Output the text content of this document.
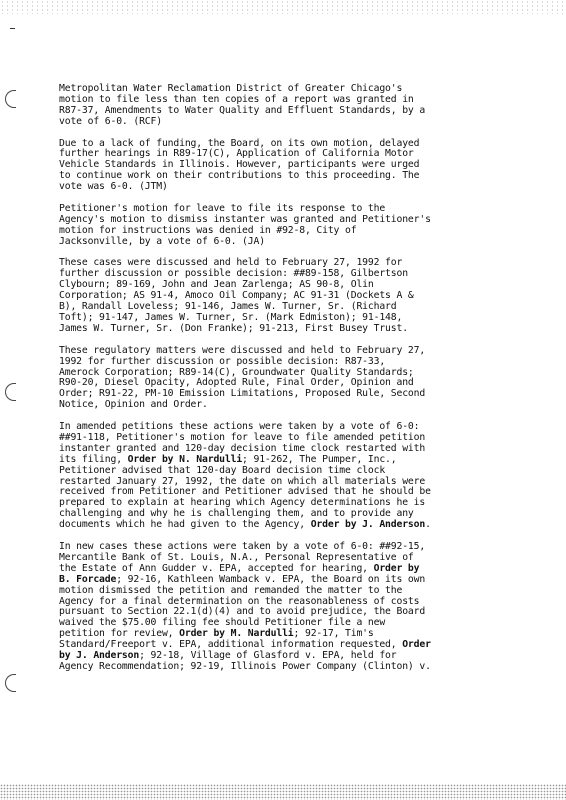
Metropolitan Water Reclamation District of Greater Chicago's
motion to file less than ten copies of a report was granted in
R87-37, Amendments to Water Quality and Effluent Standards, by a
vote of 6-0. (RCF)

Due to a lack of funding, the Board, on its own motion, delayed
further hearings in R89-17(C), Application of California Motor
Vehicle Standards in Illinois. However, participants were urged
to continue work on their contributions to this proceeding. The
vote was 6-0. (JTM)

Petitioner's motion for leave to file its response to the
Agency's motion to dismiss instanter was granted and Petitioner's
motion for instructions was denied in #92-8, City of
Jacksonville, by a vote of 6-0. (JA)

These cases were discussed and held to February 27, 1992 for
further discussion or possible decision: ##89-158, Gilbertson
Clybourn; 89-169, John and Jean Zarlenga; AS 90-8, Olin
Corporation; AS 91-4, Amoco Oil Company; AC 91-31 (Dockets A &
B), Randall Loveless; 91-146, James W. Turner, Sr. (Richard
Toft); 91-147, James W. Turner, Sr. (Mark Edmiston); 91-148,
James W. Turner, Sr. (Don Franke); 91-213, First Busey Trust.

These regulatory matters were discussed and held to February 27,
1992 for further discussion or possible decision: R87-33,
Amerock Corporation; R89-14(C), Groundwater Quality Standards;
R90-20, Diesel Opacity, Adopted Rule, Final Order, Opinion and
Order; R91-22, PM-10 Emission Limitations, Proposed Rule, Second
Notice, Opinion and Order.

In amended petitions these actions were taken by a vote of 6-0:
##91-118, Petitioner's motion for leave to file amended petition
instanter granted and 120-day decision time clock restarted with
its filing, Order by N. Nardulli; 91-262, The Pumper, Inc.,
Petitioner advised that 120-day Board decision time clock
restarted January 27, 1992, the date on which all materials were
received from Petitioner and Petitioner advised that he should be
prepared to explain at hearing which Agency determinations he is
challenging and why he is challenging them, and to provide any
documents which he had given to the Agency, Order by J. Anderson.

In new cases these actions were taken by a vote of 6-0: ##92-15,
Mercantile Bank of St. Louis, N.A., Personal Representative of
the Estate of Ann Gudder v. EPA, accepted for hearing, Order by
B. Forcade; 92-16, Kathleen Wamback v. EPA, the Board on its own
motion dismissed the petition and remanded the matter to the
Agency for a final determination on the reasonableness of costs
pursuant to Section 22.1(d)(4) and to avoid prejudice, the Board
waived the $75.00 filing fee should Petitioner file a new
petition for review, Order by M. Nardulli; 92-17, Tim's
Standard/Freeport v. EPA, additional information requested, Order
by J. Anderson; 92-18, Village of Glasford v. EPA, held for
Agency Recommendation; 92-19, Illinois Power Company (Clinton) v.
